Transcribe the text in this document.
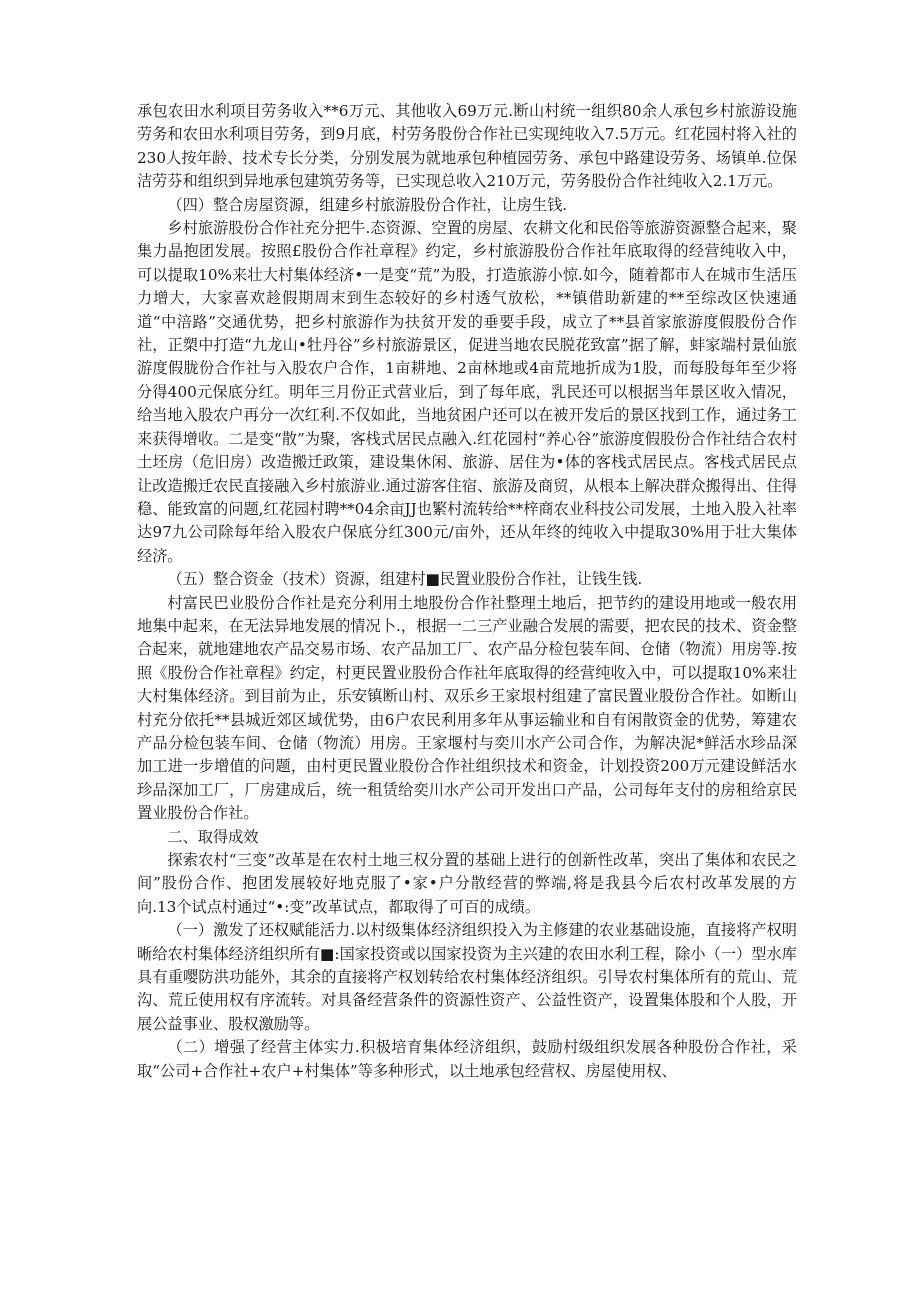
承包农田水利项目劳务收入**6万元、其他收入69万元.断山村统一组织80余人承包乡村旅游设施劳务和农田水利项目劳务，到9月底，村劳务股份合作社已实现纯收入7.5万元。红花园村将入社的230人按年龄、技术专长分类，分别发展为就地承包种植园劳务、承包中路建设劳务、场镇单.位保洁劳芬和组织到异地承包建筑劳务等，已实现总收入210万元，劳务股份合作社纯收入2.1万元。

（四）整合房屋资源，组建乡村旅游股份合作社，让房生钱.

乡村旅游股份合作社充分把牛.态资源、空置的房屋、农耕文化和民俗等旅游资源整合起来，聚集力晶抱团发展。按照£股份合作社章程》约定，乡村旅游股份合作社年底取得的经营纯收入中，可以提取10%来壮大村集体经济•一是变“荒”为股，打造旅游小惊.如今，随着都市人在城市生活压力增大，大家喜欢趁假期周末到生态较好的乡村透气放松，**镇借助新建的**至综改区快速通道“中涪路”交通优势，把乡村旅游作为扶贫开发的垂要手段，成立了**县首家旅游度假股份合作社，正槊中打造“九龙山•牡丹谷”乡村旅游景区，促进当地农民脱花致富”据了解，蚌家端村景仙旅游度假胧份合作社与入股农户合作，1亩耕地、2亩林地或4亩荒地折成为1股，而每股每年至少将分得400元保底分红。明年三月份正式营业后，到了每年底，乳民还可以根据当年景区收入情况，给当地入股农户再分一次红利.不仅如此，当地贫困户还可以在被开发后的景区找到工作，通过务工来获得增收。二是变“散”为聚，客栈式居民点融入.红花园村“养心谷”旅游度假股份合作社结合农村土坯房（危旧房）改造搬迁政策，建设集休闲、旅游、居住为•体的客栈式居民点。客栈式居民点让改造搬迁农民直接融入乡村旅游业.通过游客住宿、旅游及商贸，从根本上解决群众搬得出、住得稳、能致富的问题,红花园村聘**04余亩JJ也繁村流转给**梓商农业科技公司发展，土地入股入社率达97九公司除每年给入股农户保底分红300元/亩外，还从年终的纯收入中提取30%用于壮大集体经济。

（五）整合资金（技术）资源，组建村■民置业股份合作社，让钱生钱.

村富民巴业股份合作社是充分利用土地股份合作社整理土地后，把节约的建设用地或一般农用地集中起来，在无法异地发展的情况卜.，根据一二三产业融合发展的需要，把农民的技术、资金整合起来，就地建地农产品交易市场、农产品加工厂、农产品分检包装车间、仓储（物流）用房等.按照《股份合作社章程》约定，村更民置业股份合作社年底取得的经营纯收入中，可以提取10%来壮大村集体经济。到目前为止，乐安镇断山村、双乐乡王家垠村组建了富民置业股份合作社。如断山村充分依托**县城近郊区域优势，由6户农民利用多年从事运输业和自有闲散资金的优势，筹建农产品分检包装车间、仓储（物流）用房。王家堰村与奕川水产公司合作，为解决泥*鲜活水珍品深加工进一步增值的问题，由村更民置业股份合作社组织技术和资金，计划投资200万元建设鲜活水珍品深加工厂，厂房建成后，统一租赁给奕川水产公司开发出口产品，公司每年支付的房租给京民置业股份合作社。

二、取得成效

探索农村“三变”改革是在农村土地三权分置的基础上进行的创新性改革，突出了集体和农民之间”股份合作、抱团发展较好地克服了•家•户分散经营的弊端,将是我县今后农村改革发展的方向.13个试点村通过“•:变”改革试点，都取得了可百的成绩。

（一）激发了还权赋能活力.以村级集体经济组织投入为主修建的农业基础设施，直接将产权明晰给农村集体经济组织所有■:国家投资或以国家投资为主兴建的农田水利工程，除小（一）型水库具有重嘤防洪功能外，其余的直接将产权划转给农村集体经济组织。引导农村集体所有的荒山、荒沟、荒丘使用权有序流转。对具备经营条件的资源性资产、公益性资产，设置集体股和个人股，开展公益事业、股权激励等。

（二）增强了经营主体实力.积极培育集体经济组织，鼓励村级组织发展各种股份合作社，采取“公司+合作社+农户+村集体”等多种形式，以土地承包经营权、房屋使用权、
